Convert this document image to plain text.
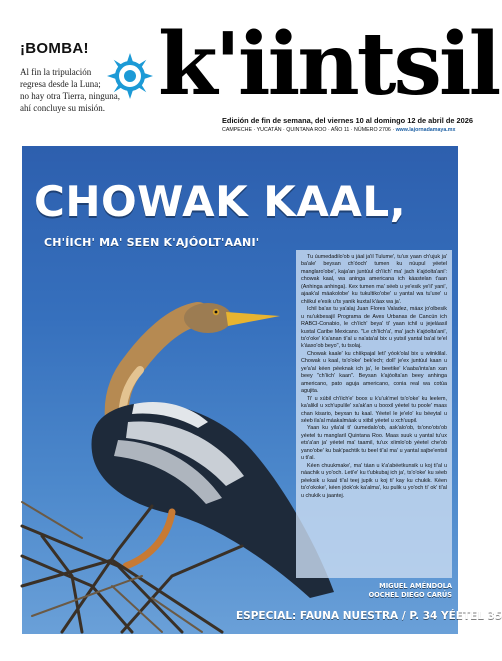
¡BOMBA!
Al fin la tripulación
regresa desde la Luna;
no hay otra Tierra, ninguna,
ahí concluye su misión. k'iintsil
Edición de fin de semana, del viernes 10 al domingo 12 de abril de 2026
CAMPECHE · YUCATÁN · QUINTANA ROO · AÑO 11 · NÚMERO 2706 · www.lajornadamaya.mx
CHOWAK KAAL,
CH'ÍICH' MA' SEEN K'AJÓOLT'AANI'

Tu úumedadilo'ob u jáal ja'il Tulume', tu'ux yaan ch'ujuk ja' ba'ale' beysan ch'óoch' tumen ku núupul yéetel manglaro'obe', kaja'an juntúul ch'íich' ma' jach k'ajóolta'ani': chowak kaal, wa aninga americana ich káastelan t'aan (Anhinga anhinga). Kex tumen ma' séeb u ye'esik ye'il' yani', ajaak'al máakolobe' ku tukultiko'obe' u yantal wa tu'uxe' u chíikul e'esik u'ts yanik kuxtal k'áax wa ja'.

Ichil ba'ax tu ya'alaj Juan Flores Valadez, máax jo'olbesik u nu'ukbesajil Programa de Aves Urbanas de Cancún ich RABCI-Conabio, le ch'íich' beya' ti' yaan ichil u jejeláasil kuxtal Caribe Mexicano. "Le ch'íich'a', ma' jach k'ajóolta'ani', ts'o'oke' k'a'anan tí'al u na'ata'al bix u yutsil yantal ba'al te'el k'áaxo'ob beyo", tu tsolaj.

Chowak kaale' ku chíikpajal letí' yóok'olal bix u wiinklilal. Chowak u kaal, ts'o'oke' bek'ech; doll' je'ex juntúul kaan u ye'a'al kéen péeknak ich ja', le beetike' k'aaba'inta'an xan beey "ch'íich' kaan". Beysan k'ajóolta'an beey anhinga americano, pato aguja americano, conia real wa cotúa agujita.

Ti' u xúbil ch'íich'e' boox u k'u'uk'mel ts'o'oke' ku leelem, ka'alikil u xch'upulile' xa'ak'an u booxil yéetel tu poole' maas chan kisario, beyxan tu kaal. Yéetel le je'elo' ku béeytal u séeb ila'al máakalmáak u xiibil yéetel u xch'uupil.

Yaan ku yila'al ti' úumedalo'ob, ask'alo'ob, ts'ono'ots'ob yéetel tu manglaril Quintana Roo. Maas suuk u yantal tu'ux ets'a'an ja' yéetel ma' taamil, tu'ux xíimlo'ob yéetel che'ob yano'obe' ku bak'pachtik tu beel tí'al ma' u yantal sajbe'entsil u ti'al.

Kéen chuukmake', ma' táan u k'a'abéetkunsik u koj tí'al u náachik u yo'och. Leti'e' ku t'ubkubaj ich ja', ts'o'oke' ku séeb péeksik u kaal tí'al teej jupik u koj ti' kay ku chukik. Kéen ts'o'okoke', kéen jóok'ok ka'alma', ku pulik u yo'och ti' ok' tí'al u chukik u jaantej.

MIGUEL AMÉNDOLA
OOCHEL DIEGO CARÚS
ESPECIAL: FAUNA NUESTRA / P. 34 YÉETEL 35
